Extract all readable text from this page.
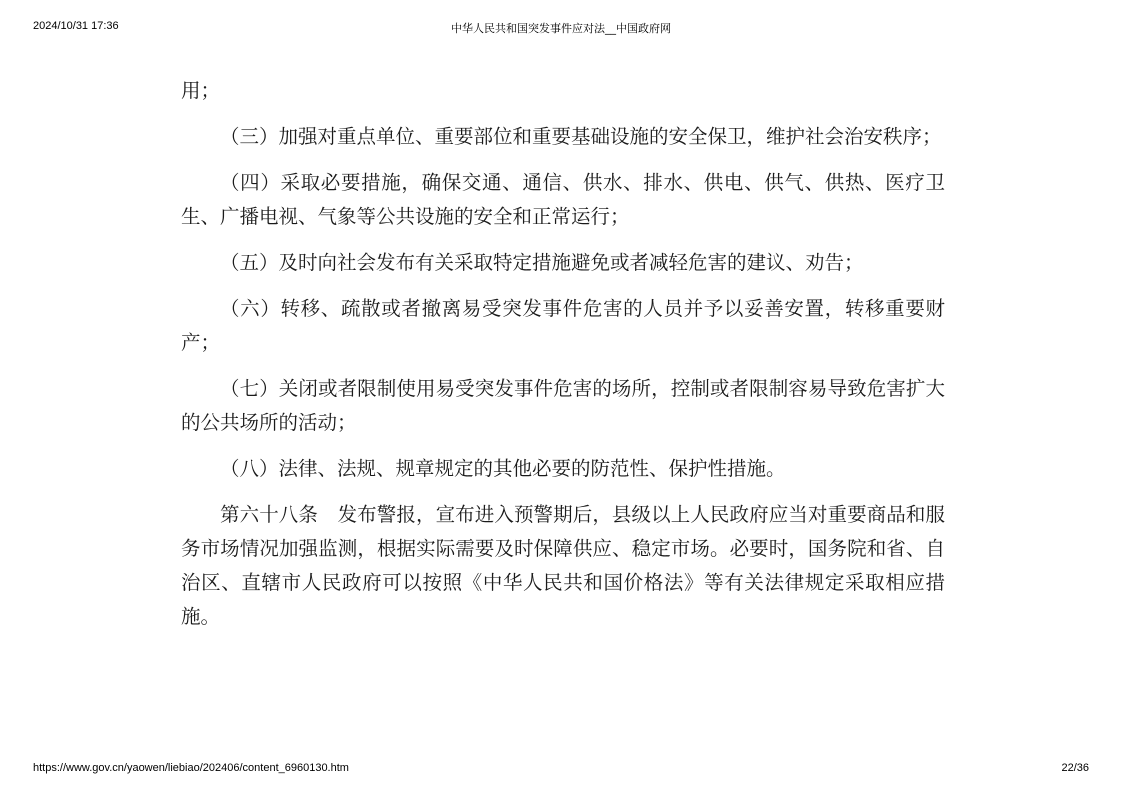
2024/10/31 17:36	中华人民共和国突发事件应对法__中国政府网

用；

（三）加强对重点单位、重要部位和重要基础设施的安全保卫，维护社会治安秩序；

（四）采取必要措施，确保交通、通信、供水、排水、供电、供气、供热、医疗卫生、广播电视、气象等公共设施的安全和正常运行；

（五）及时向社会发布有关采取特定措施避免或者减轻危害的建议、劝告；

（六）转移、疏散或者撤离易受突发事件危害的人员并予以妥善安置，转移重要财产；

（七）关闭或者限制使用易受突发事件危害的场所，控制或者限制容易导致危害扩大的公共场所的活动；

（八）法律、法规、规章规定的其他必要的防范性、保护性措施。

第六十八条　发布警报，宣布进入预警期后，县级以上人民政府应当对重要商品和服务市场情况加强监测，根据实际需要及时保障供应、稳定市场。必要时，国务院和省、自治区、直辖市人民政府可以按照《中华人民共和国价格法》等有关法律规定采取相应措施。

https://www.gov.cn/yaowen/liebiao/202406/content_6960130.htm	22/36
